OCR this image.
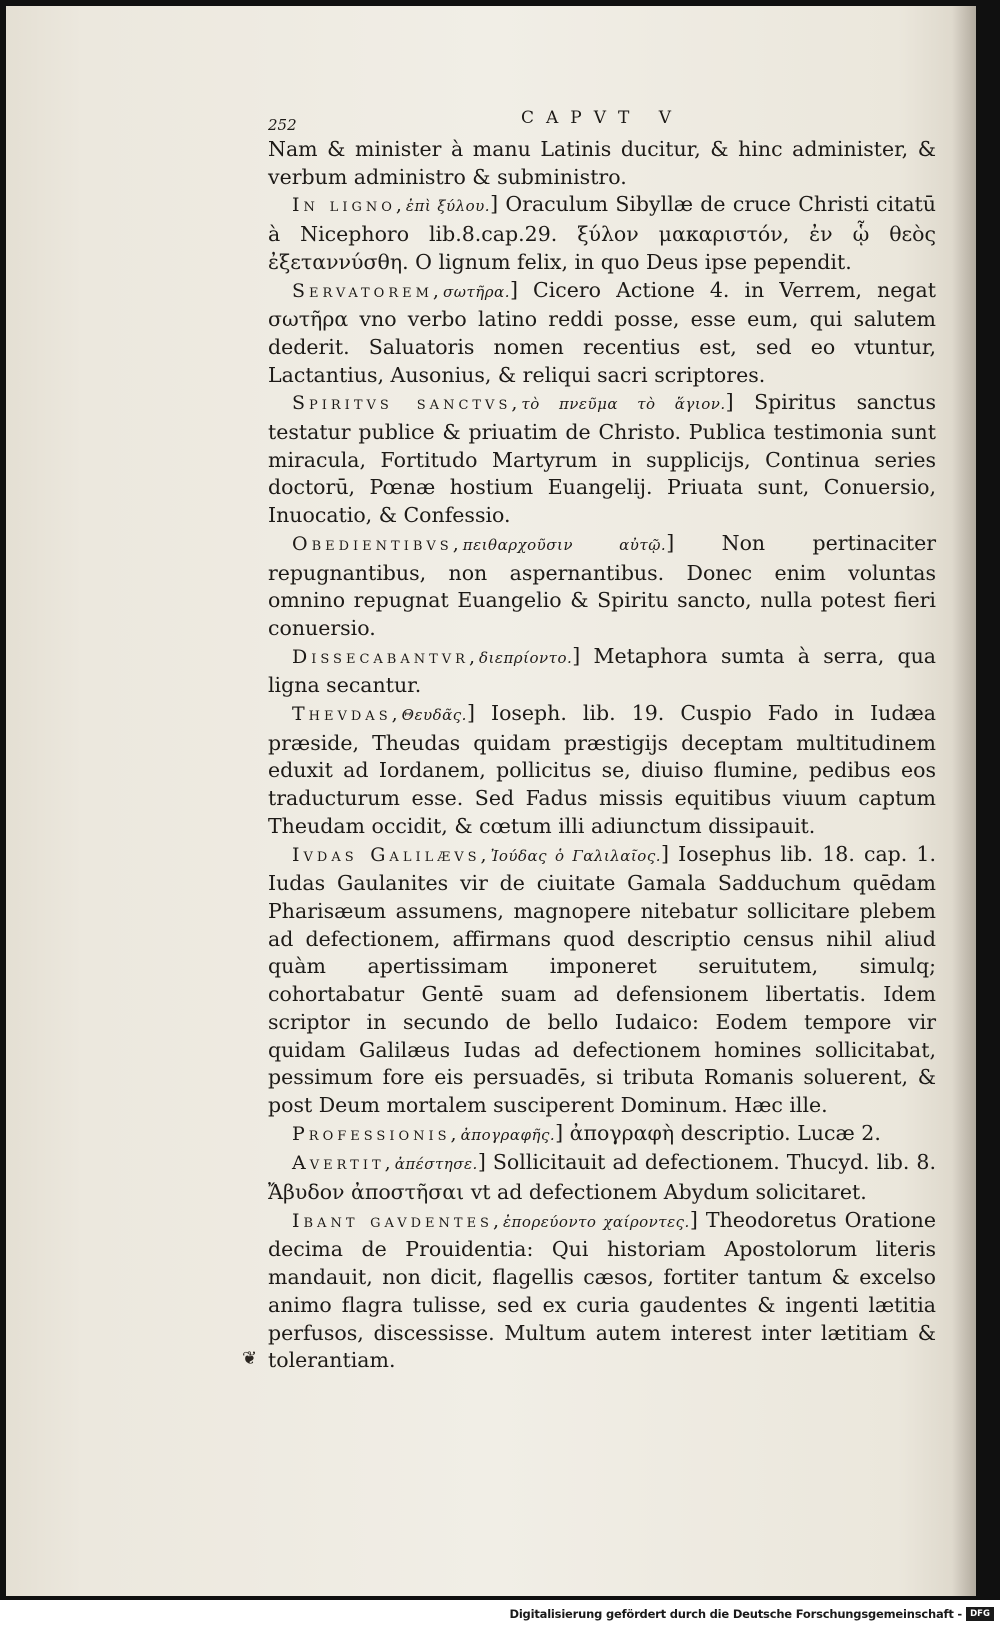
252	CAPVT V

Nam & minister à manu Latinis ducitur, & hinc administer, & verbum administro & subministro.

In ligno,ἐπὶ ξύλου.] Oraculum Sibyllæ de cruce Christi citatū à Nicephoro lib.8.cap.29. ξύλον μακαριστόν, ἐν ᾧ θεὸς ἐξεταννύσθη. O lignum felix, in quo Deus ipse pependit.

Servatorem,σωτῆρα.] Cicero Actione 4. in Verrem, negat σωτῆρα vno verbo latino reddi posse, esse eum, qui salutem dederit. Saluatoris nomen recentius est, sed eo vtuntur, Lactantius, Ausonius, & reliqui sacri scriptores.

Spiritvs sanctvs,τὸ πνεῦμα τὸ ἅγιον.] Spiritus sanctus testatur publice & priuatim de Christo. Publica testimonia sunt miracula, Fortitudo Martyrum in supplicijs, Continua series doctorū, Pœnæ hostium Euangelij. Priuata sunt, Conuersio, Inuocatio, & Confessio.

Obedientibvs,πειθαρχοῦσιν αὐτῷ.] Non pertinaciter repugnantibus, non aspernantibus. Donec enim voluntas omnino repugnat Euangelio & Spiritu sancto, nulla potest fieri conuersio.

Dissecabantvr,διεπρίοντο.] Metaphora sumta à serra, qua ligna secantur.

Thevdas,Θευδᾶς.] Ioseph. lib. 19. Cuspio Fado in Iudæa præside, Theudas quidam præstigijs deceptam multitudinem eduxit ad Iordanem, pollicitus se, diuiso flumine, pedibus eos traducturum esse. Sed Fadus missis equitibus viuum captum Theudam occidit, & cœtum illi adiunctum dissipauit.

Ivdas Galilævs,Ἰούδας ὁ Γαλιλαῖος.] Iosephus lib. 18. cap. 1. Iudas Gaulanites vir de ciuitate Gamala Sadduchum quēdam Pharisæum assumens, magnopere nitebatur sollicitare plebem ad defectionem, affirmans quod descriptio census nihil aliud quàm apertissimam imponeret seruitutem, simulq; cohortabatur Gentē suam ad defensionem libertatis. Idem scriptor in secundo de bello Iudaico: Eodem tempore vir quidam Galilæus Iudas ad defectionem homines sollicitabat, pessimum fore eis persuadēs, si tributa Romanis soluerent, & post Deum mortalem susciperent Dominum. Hæc ille.

Professionis,ἀπογραφῆς.] ἀπογραφὴ descriptio. Lucæ 2.

Avertit,ἀπέστησε.] Sollicitauit ad defectionem. Thucyd. lib. 8. Ἄβυδον ἀποστῆσαι vt ad defectionem Abydum solicitaret.

Ibant gavdentes,ἐπορεύοντο χαίροντες.] Theodoretus Oratione decima de Prouidentia: Qui historiam Apostolorum literis mandauit, non dicit, flagellis cæsos, fortiter tantum & excelso animo flagra tulisse, sed ex curia gaudentes & ingenti lætitia perfusos, discessisse. Multum autem interest inter lætitiam & tolerantiam.

❦
Digitalisierung gefördert durch die Deutsche Forschungsgemeinschaft - DFG
